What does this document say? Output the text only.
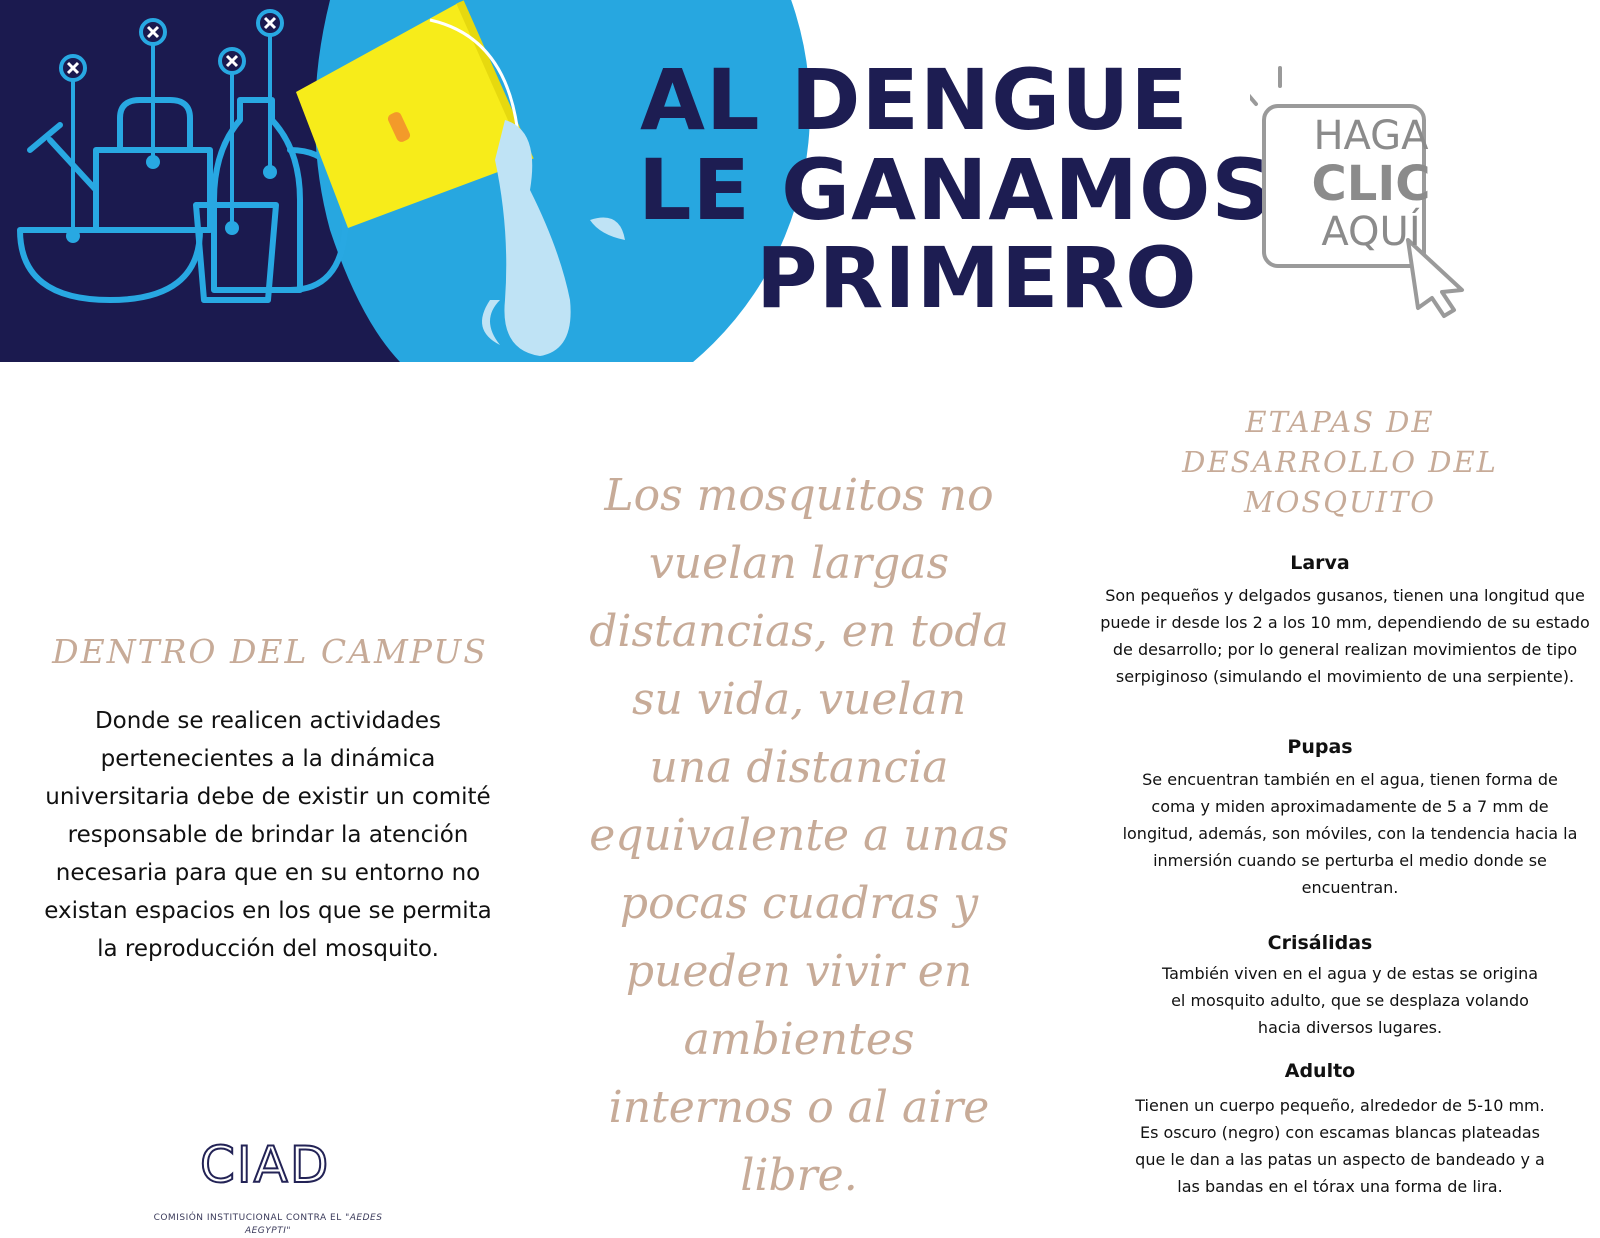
AL DENGUE
LE GANAMOS
PRIMERO
HAGA
CLIC
AQUÍ
DENTRO DEL CAMPUS
Donde se realicen actividades pertenecientes a la dinámica universitaria debe de existir un comité responsable de brindar la atención necesaria para que en su entorno no existan espacios en los que se permita la reproducción del mosquito.
CIAD
COMISIÓN INSTITUCIONAL CONTRA EL "AEDES AEGYPTI"
Los mosquitos no vuelan largas distancias, en toda su vida, vuelan una distancia equivalente a unas pocas cuadras y pueden vivir en ambientes internos o al aire libre.
ETAPAS DE DESARROLLO DEL MOSQUITO
Larva
Son pequeños y delgados gusanos, tienen una longitud que puede ir desde los 2 a los 10 mm, dependiendo de su estado de desarrollo; por lo general realizan movimientos de tipo serpiginoso (simulando el movimiento de una serpiente).
Pupas
Se encuentran también en el agua, tienen forma de coma y miden aproximadamente de 5 a 7 mm de longitud, además, son móviles, con la tendencia hacia la inmersión cuando se perturba el medio donde se encuentran.
Crisálidas
También viven en el agua y de estas se origina el mosquito adulto, que se desplaza volando hacia diversos lugares.
Adulto
Tienen un cuerpo pequeño, alrededor de 5-10 mm. Es oscuro (negro) con escamas blancas plateadas que le dan a las patas un aspecto de bandeado y a las bandas en el tórax una forma de lira.
